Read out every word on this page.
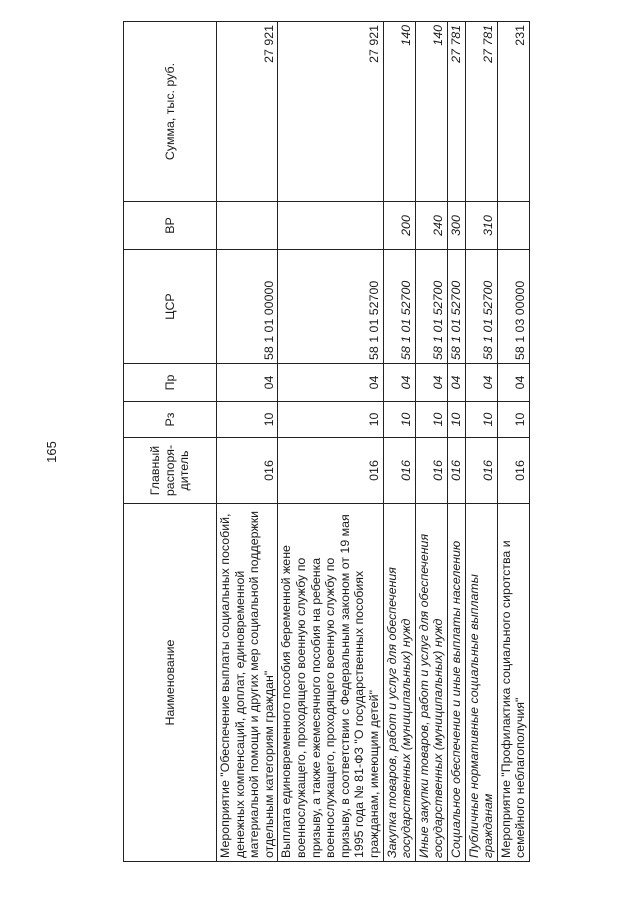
165
Наименование	Главный распоря-дитель	Рз	Пр	ЦСР	ВР	Сумма, тыс. руб.
Мероприятие "Обеспечение выплаты социальных пособий, денежных компенсаций, доплат, единовременной материальной помощи и других мер социальной поддержки отдельным категориям граждан"	016	10	04	58 1 01 00000		27 921
Выплата единовременного пособия беременной жене военнослужащего, проходящего военную службу по призыву, а также ежемесячного пособия на ребенка военнослужащего, проходящего военную службу по призыву, в соответствии с Федеральным законом от 19 мая 1995 года № 81-ФЗ "О государственных пособиях гражданам, имеющим детей"	016	10	04	58 1 01 52700		27 921
Закупка товаров, работ и услуг для обеспечения государственных (муниципальных) нужд	016	10	04	58 1 01 52700	200	140
Иные закупки товаров, работ и услуг для обеспечения государственных (муниципальных) нужд	016	10	04	58 1 01 52700	240	140
Социальное обеспечение и иные выплаты населению	016	10	04	58 1 01 52700	300	27 781
Публичные нормативные социальные выплаты гражданам	016	10	04	58 1 01 52700	310	27 781
Мероприятие "Профилактика социального сиротства и семейного неблагополучия"	016	10	04	58 1 03 00000		231
